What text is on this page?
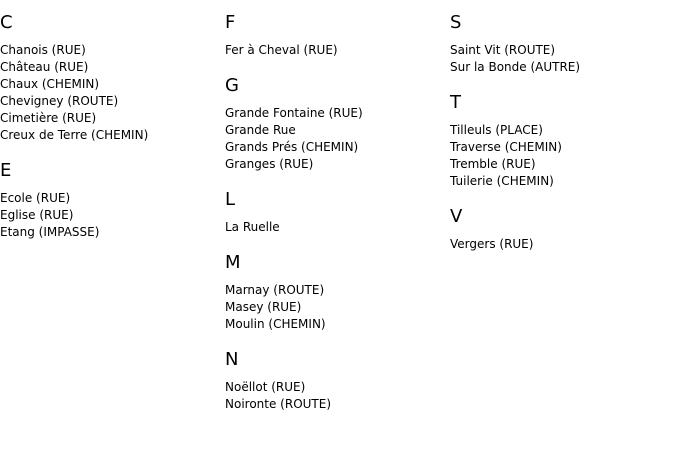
C
Chanois (RUE)
Château (RUE)
Chaux (CHEMIN)
Chevigney (ROUTE)
Cimetière (RUE)
Creux de Terre (CHEMIN)
E
Ecole (RUE)
Eglise (RUE)
Etang (IMPASSE)
F
Fer à Cheval (RUE)
G
Grande Fontaine (RUE)
Grande Rue
Grands Prés (CHEMIN)
Granges (RUE)
L
La Ruelle
M
Marnay (ROUTE)
Masey (RUE)
Moulin (CHEMIN)
N
Noëllot (RUE)
Noironte (ROUTE)
S
Saint Vit (ROUTE)
Sur la Bonde (AUTRE)
T
Tilleuls (PLACE)
Traverse (CHEMIN)
Tremble (RUE)
Tuilerie (CHEMIN)
V
Vergers (RUE)
